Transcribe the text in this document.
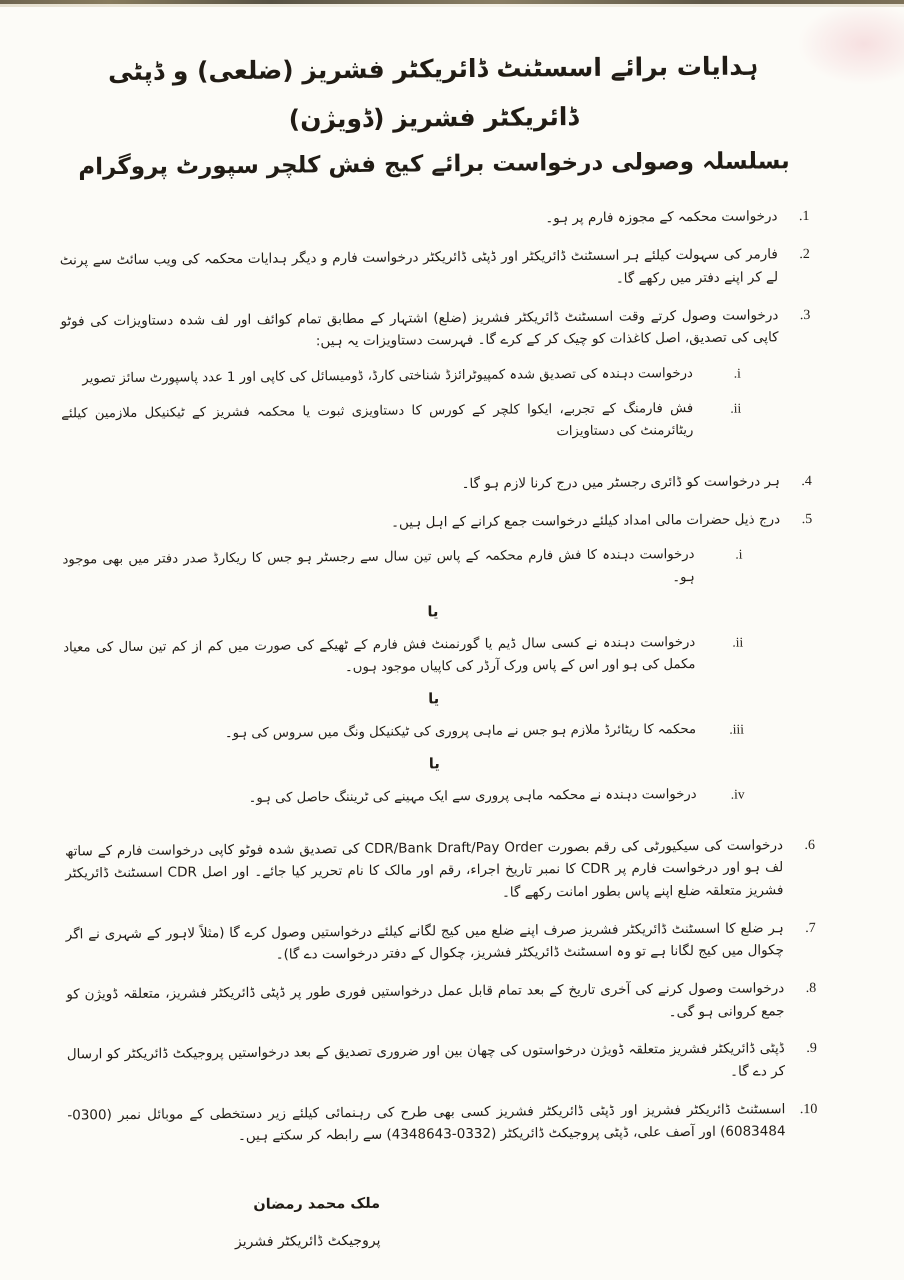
ہدایات برائے اسسٹنٹ ڈائریکٹر فشریز (ضلعی) و ڈپٹی ڈائریکٹر فشریز (ڈویژن)
بسلسلہ وصولی درخواست برائے کیج فش کلچر سپورٹ پروگرام
1.
درخواست محکمہ کے مجوزہ فارم پر ہو۔
2.
فارمر کی سہولت کیلئے ہر اسسٹنٹ ڈائریکٹر اور ڈپٹی ڈائریکٹر درخواست فارم و دیگر ہدایات محکمہ کی ویب سائٹ سے پرنٹ لے کر اپنے دفتر میں رکھے گا۔
3.
درخواست وصول کرتے وقت اسسٹنٹ ڈائریکٹر فشریز (ضلع) اشتہار کے مطابق تمام کوائف اور لف شدہ دستاویزات کی فوٹو کاپی کی تصدیق، اصل کاغذات کو چیک کر کے کرے گا۔ فہرست دستاویزات یہ ہیں:
i.
درخواست دہندہ کی تصدیق شدہ کمپیوٹرائزڈ شناختی کارڈ، ڈومیسائل کی کاپی اور 1 عدد پاسپورٹ سائز تصویر
ii.
فش فارمنگ کے تجربے، ایکوا کلچر کے کورس کا دستاویزی ثبوت یا محکمہ فشریز کے ٹیکنیکل ملازمین کیلئے ریٹائرمنٹ کی دستاویزات
4.
ہر درخواست کو ڈائری رجسٹر میں درج کرنا لازم ہو گا۔
5.
درج ذیل حضرات مالی امداد کیلئے درخواست جمع کرانے کے اہل ہیں۔
i.
درخواست دہندہ کا فش فارم محکمہ کے پاس تین سال سے رجسٹر ہو جس کا ریکارڈ صدر دفتر میں بھی موجود ہو۔
یا
ii.
درخواست دہندہ نے کسی سال ڈیم یا گورنمنٹ فش فارم کے ٹھیکے کی صورت میں کم از کم تین سال کی معیاد مکمل کی ہو اور اس کے پاس ورک آرڈر کی کاپیاں موجود ہوں۔
یا
iii.
محکمہ کا ریٹائرڈ ملازم ہو جس نے ماہی پروری کی ٹیکنیکل ونگ میں سروس کی ہو۔
یا
iv.
درخواست دہندہ نے محکمہ ماہی پروری سے ایک مہینے کی ٹریننگ حاصل کی ہو۔
6.
درخواست کی سیکیورٹی کی رقم بصورت CDR/Bank Draft/Pay Order کی تصدیق شدہ فوٹو کاپی درخواست فارم کے ساتھ لف ہو اور درخواست فارم پر CDR کا نمبر تاریخ اجراء، رقم اور مالک کا نام تحریر کیا جائے۔ اور اصل CDR اسسٹنٹ ڈائریکٹر فشریز متعلقہ ضلع اپنے پاس بطور امانت رکھے گا۔
7.
ہر ضلع کا اسسٹنٹ ڈائریکٹر فشریز صرف اپنے ضلع میں کیج لگانے کیلئے درخواستیں وصول کرے گا (مثلاً لاہور کے شہری نے اگر چکوال میں کیج لگانا ہے تو وہ اسسٹنٹ ڈائریکٹر فشریز، چکوال کے دفتر درخواست دے گا)۔
8.
درخواست وصول کرنے کی آخری تاریخ کے بعد تمام قابل عمل درخواستیں فوری طور پر ڈپٹی ڈائریکٹر فشریز، متعلقہ ڈویژن کو جمع کروانی ہو گی۔
9.
ڈپٹی ڈائریکٹر فشریز متعلقہ ڈویژن درخواستوں کی چھان بین اور ضروری تصدیق کے بعد درخواستیں پروجیکٹ ڈائریکٹر کو ارسال کر دے گا۔
10.
اسسٹنٹ ڈائریکٹر فشریز اور ڈپٹی ڈائریکٹر فشریز کسی بھی طرح کی رہنمائی کیلئے زیر دستخطی کے موبائل نمبر (0300-6083484) اور آصف علی، ڈپٹی پروجیکٹ ڈائریکٹر (0332-4348643) سے رابطہ کر سکتے ہیں۔
ملک محمد رمضان
پروجیکٹ ڈائریکٹر فشریز
